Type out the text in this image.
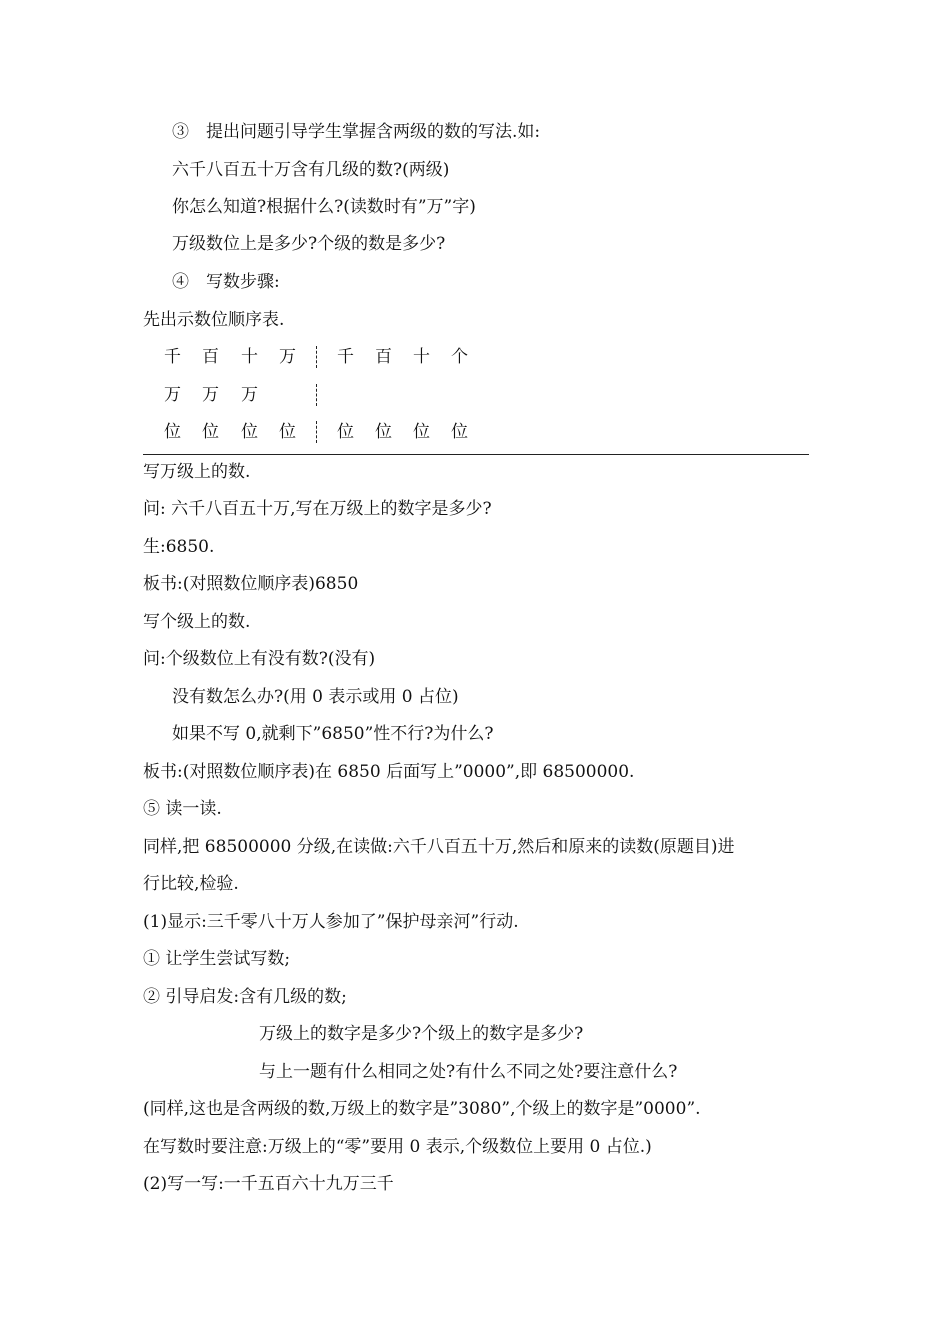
③　提出问题引导学生掌握含两级的数的写法.如:
六千八百五十万含有几级的数?(两级)
你怎么知道?根据什么?(读数时有”万”字)
万级数位上是多少?个级的数是多少?
④　写数步骤:
先出示数位顺序表.
千 百 十 万 千 百 十 个
万 万 万
位 位 位 位 位 位 位 位
写万级上的数.
问: 六千八百五十万,写在万级上的数字是多少?
生:6850.
板书:(对照数位顺序表)6850
写个级上的数.
问:个级数位上有没有数?(没有)
没有数怎么办?(用 0 表示或用 0 占位)
如果不写 0,就剩下”6850”性不行?为什么?
板书:(对照数位顺序表)在 6850 后面写上”0000”,即 68500000.
⑤ 读一读.
同样,把 68500000 分级,在读做:六千八百五十万,然后和原来的读数(原题目)进
行比较,检验.
(1)显示:三千零八十万人参加了”保护母亲河”行动.
① 让学生尝试写数;
② 引导启发:含有几级的数;
万级上的数字是多少?个级上的数字是多少?
与上一题有什么相同之处?有什么不同之处?要注意什么?
(同样,这也是含两级的数,万级上的数字是”3080”,个级上的数字是”0000”.
在写数时要注意:万级上的“零”要用 0 表示,个级数位上要用 0 占位.)
(2)写一写:一千五百六十九万三千
